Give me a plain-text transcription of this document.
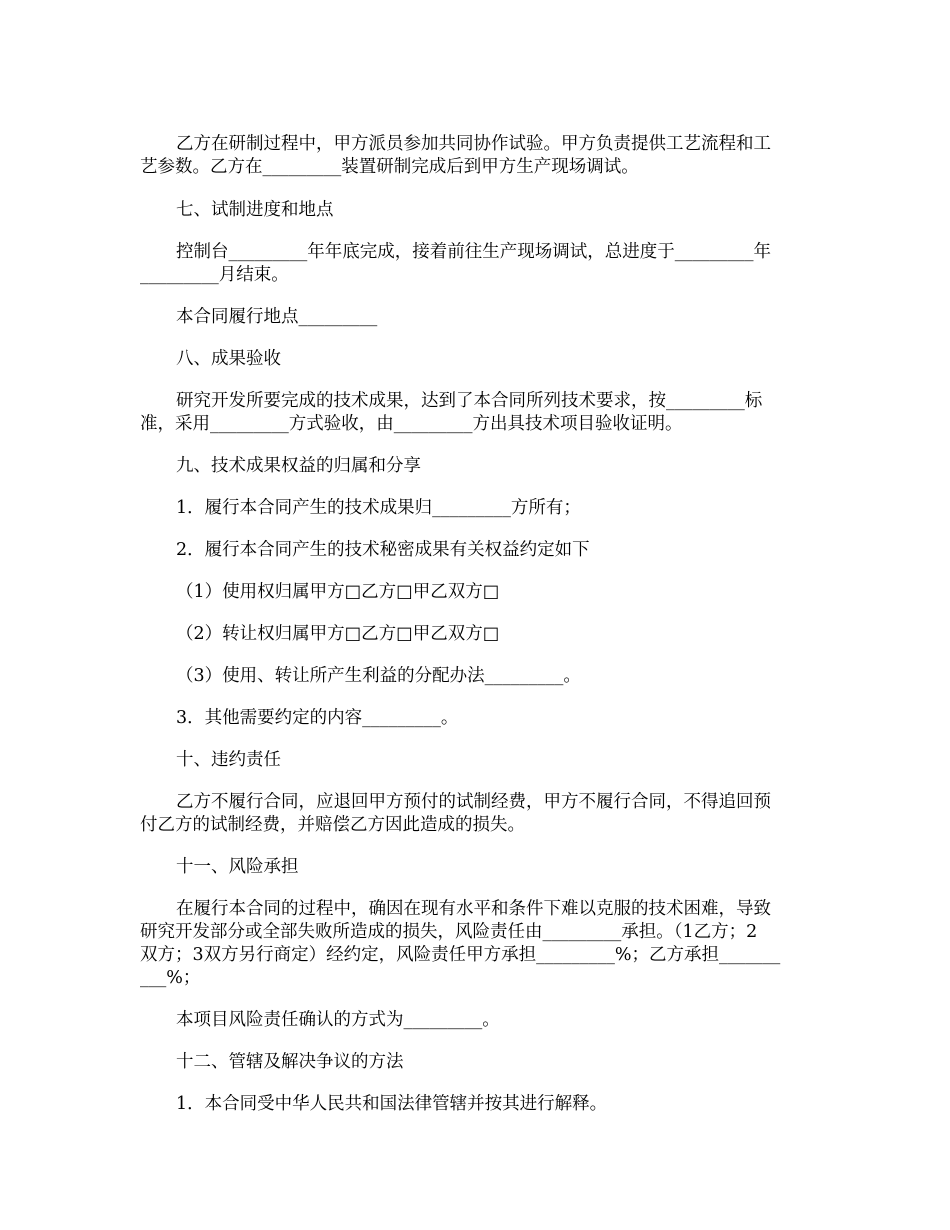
乙方在研制过程中，甲方派员参加共同协作试验。甲方负责提供工艺流程和工

艺参数。乙方在_________装置研制完成后到甲方生产现场调试。

七、试制进度和地点

控制台_________年年底完成，接着前往生产现场调试，总进度于_________年

_________月结束。

本合同履行地点_________

八、成果验收

研究开发所要完成的技术成果，达到了本合同所列技术要求，按_________标

准，采用_________方式验收，由_________方出具技术项目验收证明。

九、技术成果权益的归属和分享

1．履行本合同产生的技术成果归_________方所有；

2．履行本合同产生的技术秘密成果有关权益约定如下

（1）使用权归属甲方□乙方□甲乙双方□

（2）转让权归属甲方□乙方□甲乙双方□

（3）使用、转让所产生利益的分配办法_________。

3．其他需要约定的内容_________。

十、违约责任

乙方不履行合同，应退回甲方预付的试制经费，甲方不履行合同，不得追回预

付乙方的试制经费，并赔偿乙方因此造成的损失。

十一、风险承担

在履行本合同的过程中，确因在现有水平和条件下难以克服的技术困难，导致

研究开发部分或全部失败所造成的损失，风险责任由_________承担。（1乙方；2

双方；3双方另行商定）经约定，风险责任甲方承担_________%；乙方承担_______

___%；

本项目风险责任确认的方式为_________。

十二、管辖及解决争议的方法

1．本合同受中华人民共和国法律管辖并按其进行解释。
